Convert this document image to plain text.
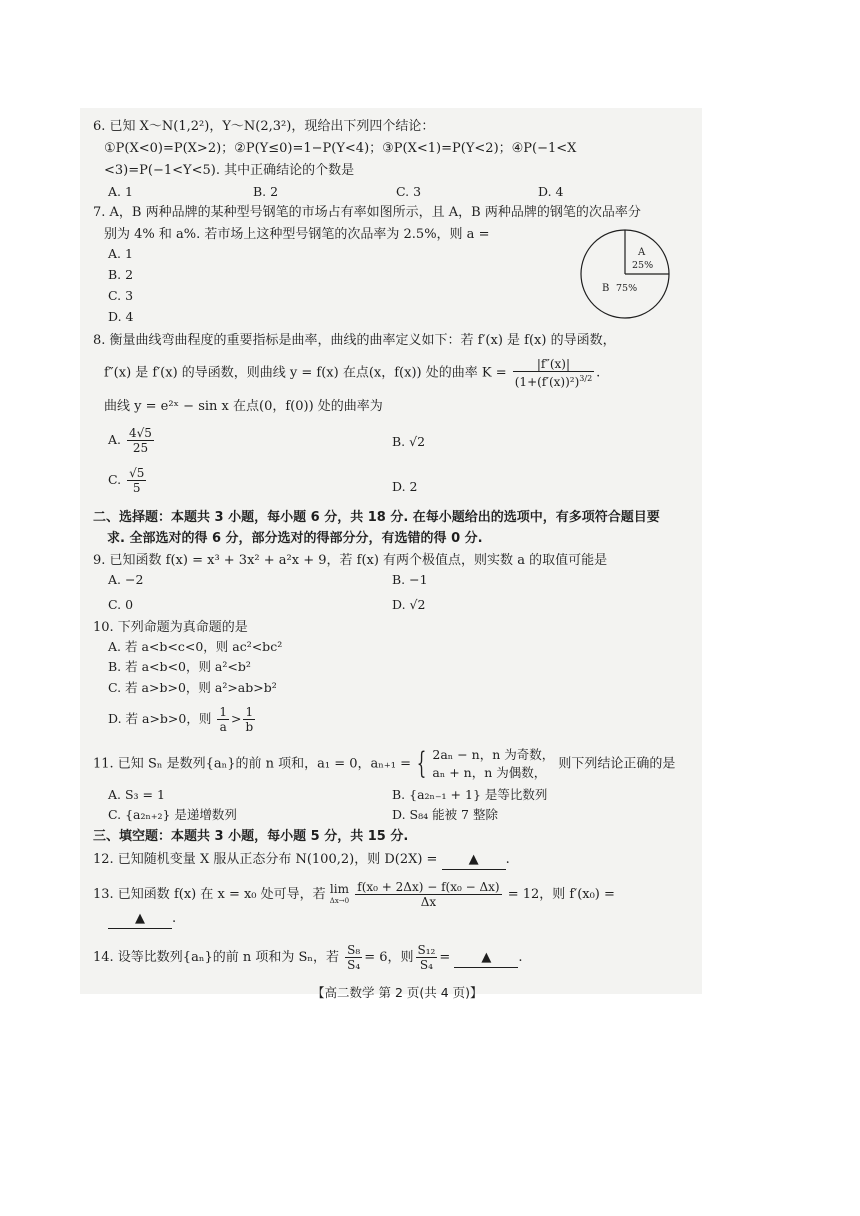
6. 已知 X～N(1,2²)，Y～N(2,3²)，现给出下列四个结论：
①P(X<0)=P(X>2)；②P(Y≤0)=1−P(Y<4)；③P(X<1)=P(Y<2)；④P(−1<X
<3)=P(−1<Y<5). 其中正确结论的个数是
A. 1	B. 2	C. 3	D. 4
7. A，B 两种品牌的某种型号钢笔的市场占有率如图所示，且 A，B 两种品牌的钢笔的次品率分
别为 4% 和 a%. 若市场上这种型号钢笔的次品率为 2.5%，则 a =
A. 1
B. 2
C. 3
D. 4
A
25%
B 75%
8. 衡量曲线弯曲程度的重要指标是曲率，曲线的曲率定义如下：若 f′(x) 是 f(x) 的导函数，
f″(x) 是 f′(x) 的导函数，则曲线 y = f(x) 在点(x，f(x)) 处的曲率 $K = \frac{|f''(x)|}{(1+(f'(x))^2)^{3/2}}$ .
曲线 y = e²ˣ − sin x 在点(0，f(0)) 处的曲率为
A. $\frac{4√5}{25}$	B. √2
C. $\frac{√5}{5}$	D. 2
二、选择题：本题共 3 小题，每小题 6 分，共 18 分. 在每小题给出的选项中，有多项符合题目要
求. 全部选对的得 6 分，部分选对的得部分分，有选错的得 0 分.
9. 已知函数 f(x) = x³ + 3x² + a²x + 9，若 f(x) 有两个极值点，则实数 a 的取值可能是
A. −2	B. −1
C. 0	D. √2
10. 下列命题为真命题的是
A. 若 a<b<c<0，则 ac²<bc²
B. 若 a<b<0，则 a²<b²
C. 若 a>b>0，则 a²>ab>b²
D. 若 a>b>0，则 $\frac{1}{a} > \frac{1}{b}$
11. 已知 Sₙ 是数列{aₙ}的前 n 项和，a₁ = 0，aₙ₊₁ = { 2aₙ − n，n 为奇数，
aₙ + n，n 为偶数，
则下列结论正确的是
A. S₃ = 1	B. {a₂ₙ₋₁ + 1} 是等比数列
C. {a₂ₙ₊₂} 是递增数列	D. S₈₄ 能被 7 整除
三、填空题：本题共 3 小题，每小题 5 分，共 15 分.
12. 已知随机变量 X 服从正态分布 N(100,2)，则 D(2X) = ▲ .
13. 已知函数 f(x) 在 x = x₀ 处可导，若 lim
Δx→0
$\frac{\text{f(x₀ + 2Δx) − f(x₀ − Δx)}}{\Delta x} = 12$，则 f′(x₀) =
▲ .
14. 设等比数列{aₙ}的前 n 项和为 Sₙ，若 $\frac{\text{S₈}}{\text{S₄}} = 6$，则 $\frac{\text{S₁₂}}{\text{S₄}}$ = ▲ .
【高二数学 第 2 页(共 4 页)】
